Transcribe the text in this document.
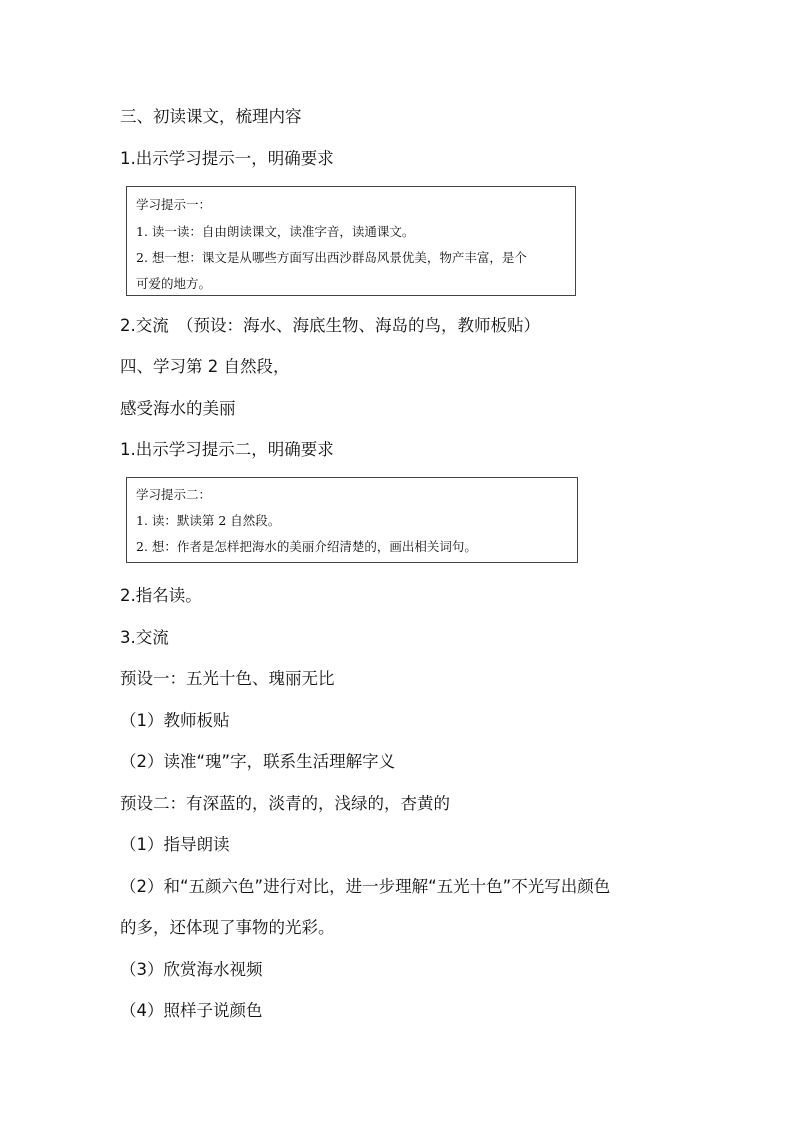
三、初读课文，梳理内容
1.出示学习提示一，明确要求
学习提示一：
1. 读一读：自由朗读课文，读准字音，读通课文。
2. 想一想：课文是从哪些方面写出西沙群岛风景优美，物产丰富，是个
可爱的地方。
2.交流　（预设：海水、海底生物、海岛的鸟，教师板贴）
四、学习第 2 自然段，
感受海水的美丽
1.出示学习提示二，明确要求
学习提示二：
1. 读：默读第 2 自然段。
2. 想：作者是怎样把海水的美丽介绍清楚的，画出相关词句。
2.指名读。
3.交流
预设一：五光十色、瑰丽无比
（1）教师板贴
（2）读准“瑰”字，联系生活理解字义
预设二：有深蓝的，淡青的，浅绿的，杏黄的
（1）指导朗读
（2）和“五颜六色”进行对比，进一步理解“五光十色”不光写出颜色
的多，还体现了事物的光彩。
（3）欣赏海水视频
（4）照样子说颜色
